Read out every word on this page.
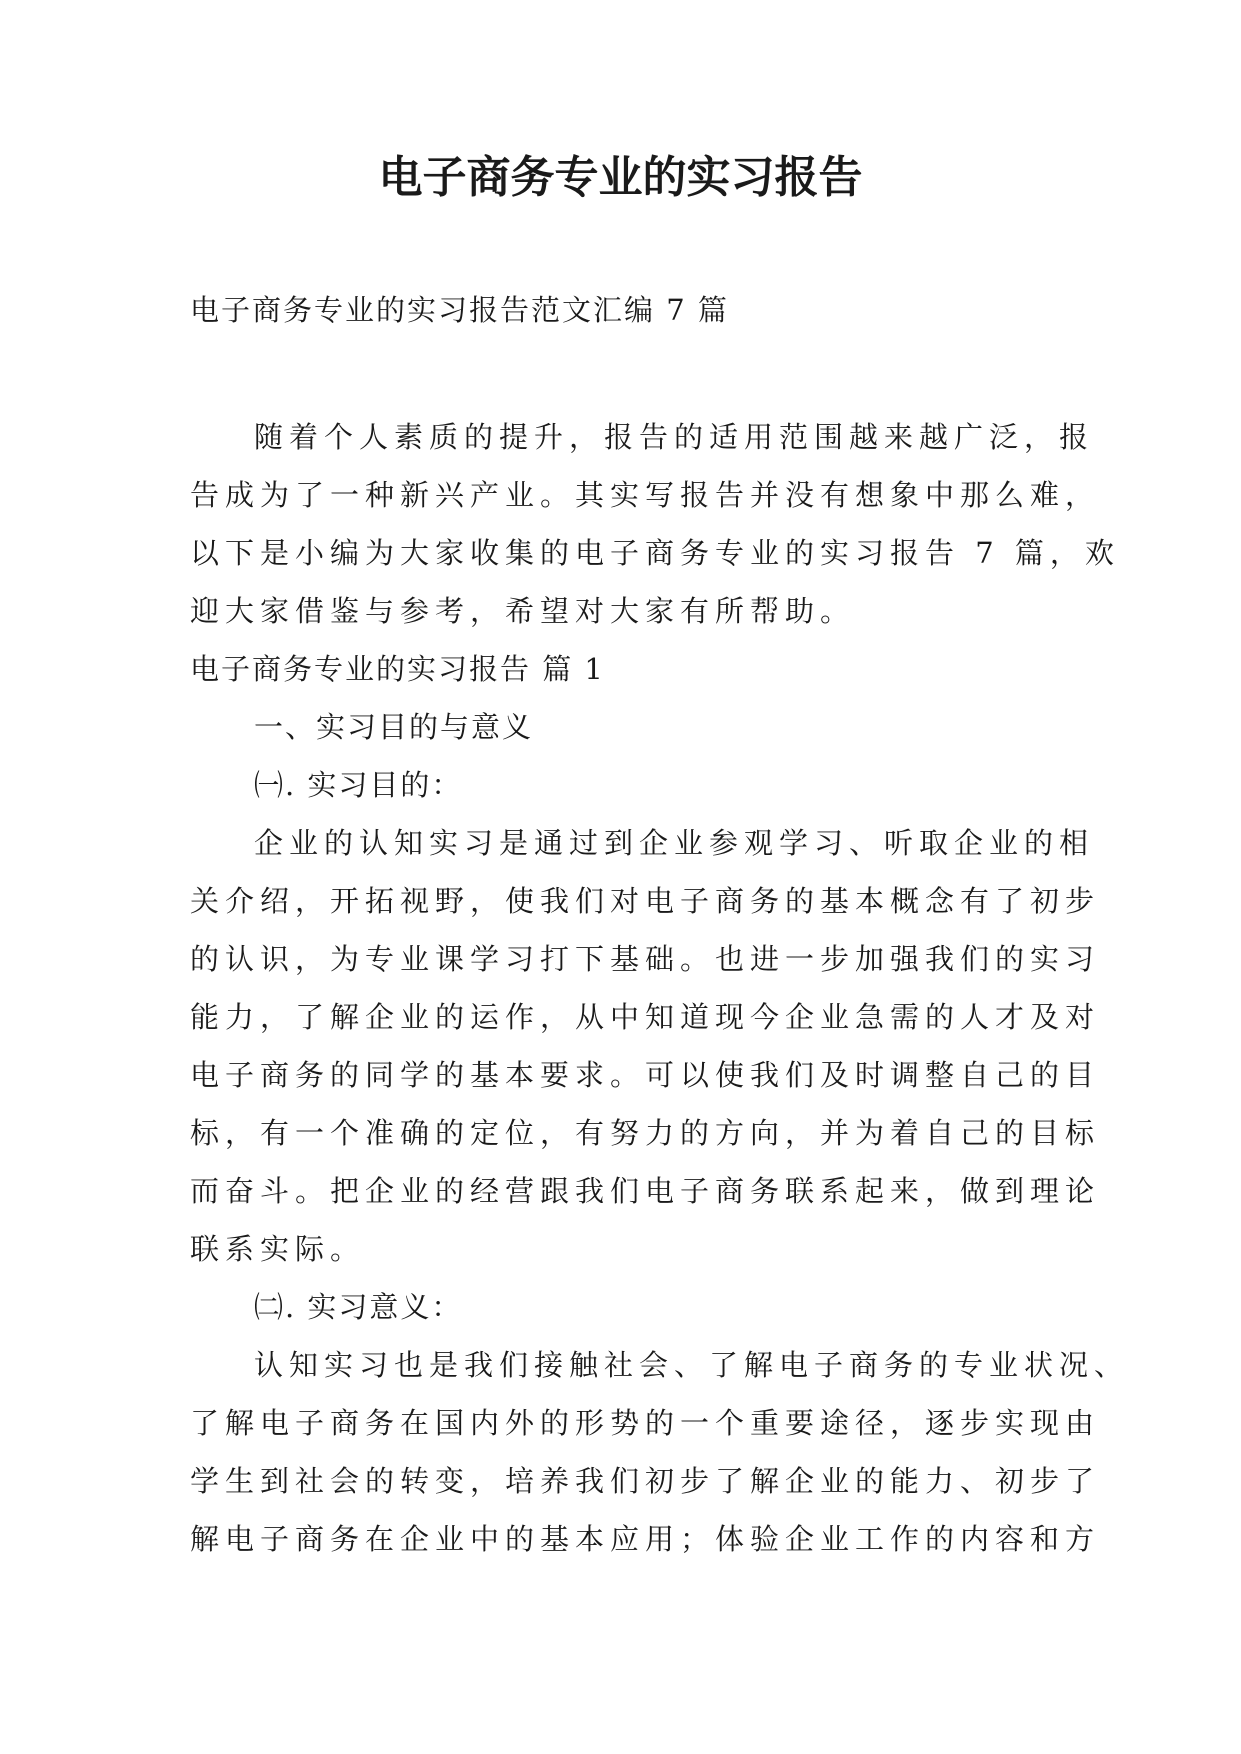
电子商务专业的实习报告

电子商务专业的实习报告范文汇编 7 篇

随着个人素质的提升，报告的适用范围越来越广泛，报
告成为了一种新兴产业。其实写报告并没有想象中那么难，
以下是小编为大家收集的电子商务专业的实习报告 7 篇，欢
迎大家借鉴与参考，希望对大家有所帮助。

电子商务专业的实习报告 篇 1

一、实习目的与意义

㈠. 实习目的：

企业的认知实习是通过到企业参观学习、听取企业的相
关介绍，开拓视野，使我们对电子商务的基本概念有了初步
的认识，为专业课学习打下基础。也进一步加强我们的实习
能力，了解企业的运作，从中知道现今企业急需的人才及对
电子商务的同学的基本要求。可以使我们及时调整自己的目
标，有一个准确的定位，有努力的方向，并为着自己的目标
而奋斗。把企业的经营跟我们电子商务联系起来，做到理论
联系实际。

㈡. 实习意义：

认知实习也是我们接触社会、了解电子商务的专业状况、
了解电子商务在国内外的形势的一个重要途径，逐步实现由
学生到社会的转变，培养我们初步了解企业的能力、初步了
解电子商务在企业中的基本应用；体验企业工作的内容和方
